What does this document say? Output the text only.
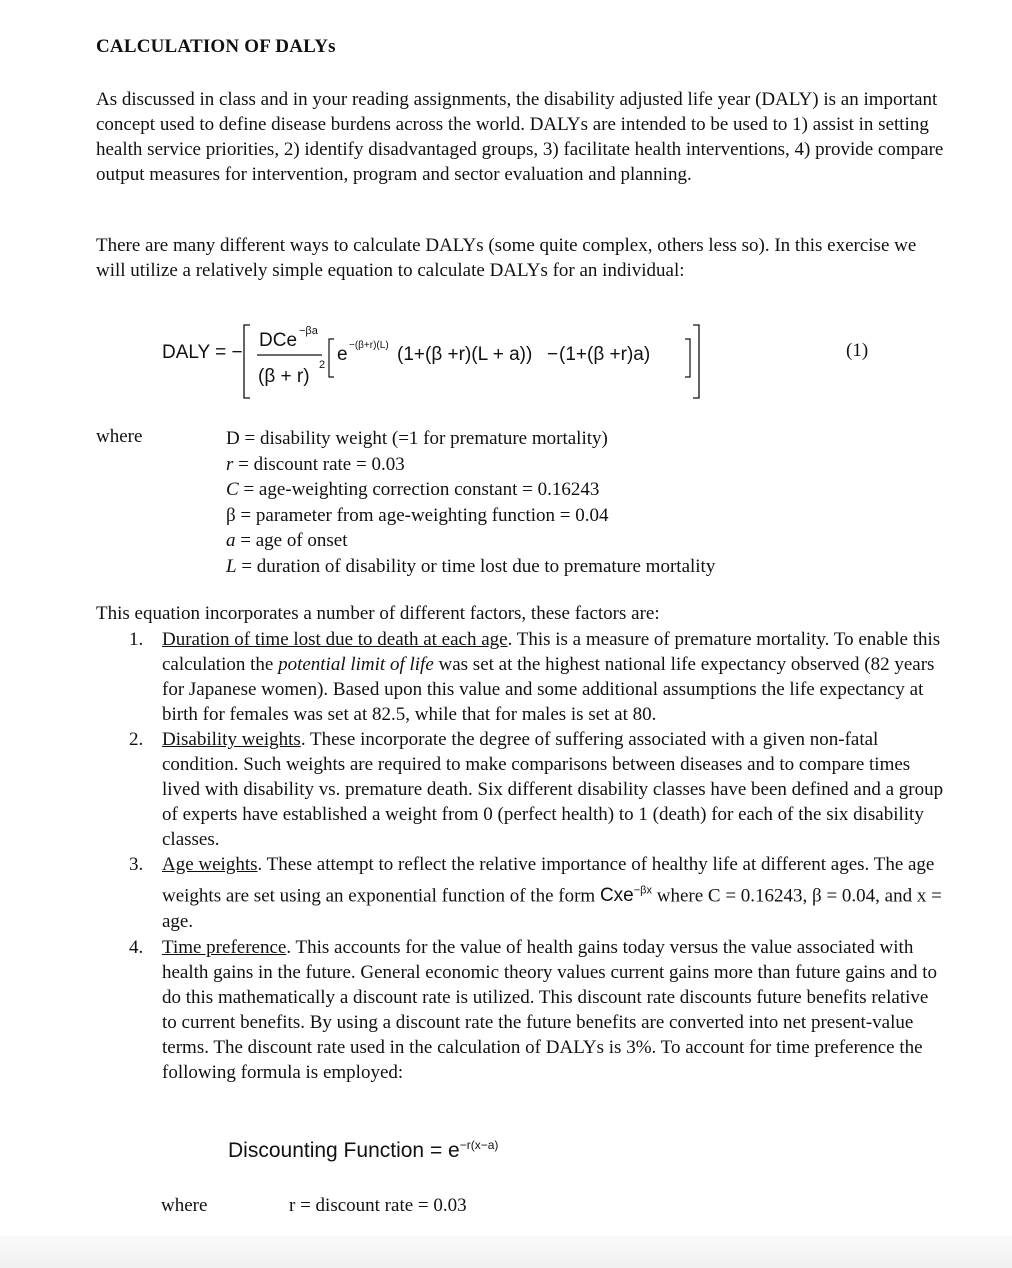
CALCULATION OF DALYs
As discussed in class and in your reading assignments, the disability adjusted life year (DALY) is an important concept used to define disease burdens across the world. DALYs are intended to be used to 1) assist in setting health service priorities, 2) identify disadvantaged groups, 3) facilitate health interventions, 4) provide compare output measures for intervention, program and sector evaluation and planning.
There are many different ways to calculate DALYs (some quite complex, others less so). In this exercise we will utilize a relatively simple equation to calculate DALYs for an individual:
DALY = −
DCe −βa
(β + r)
2 e −(β+r)(L) (1+(β +r)(L + a)) − (1+(β +r)a)	(1)
where	D = disability weight (=1 for premature mortality)
r = discount rate = 0.03
C = age-weighting correction constant = 0.16243
β = parameter from age-weighting function = 0.04
a = age of onset
L = duration of disability or time lost due to premature mortality
This equation incorporates a number of different factors, these factors are:
1. Duration of time lost due to death at each age. This is a measure of premature mortality. To enable this calculation the potential limit of life was set at the highest national life expectancy observed (82 years for Japanese women). Based upon this value and some additional assumptions the life expectancy at birth for females was set at 82.5, while that for males is set at 80.
2. Disability weights. These incorporate the degree of suffering associated with a given non-fatal condition. Such weights are required to make comparisons between diseases and to compare times lived with disability vs. premature death. Six different disability classes have been defined and a group of experts have established a weight from 0 (perfect health) to 1 (death) for each of the six disability classes.
3. Age weights. These attempt to reflect the relative importance of healthy life at different ages. The age weights are set using an exponential function of the form Cxe$^{-\beta x}$ where C = 0.16243, β = 0.04, and x = age.
4. Time preference. This accounts for the value of health gains today versus the value associated with health gains in the future. General economic theory values current gains more than future gains and to do this mathematically a discount rate is utilized. This discount rate discounts future benefits relative to current benefits. By using a discount rate the future benefits are converted into net present-value terms. The discount rate used in the calculation of DALYs is 3%. To account for time preference the following formula is employed:
Discounting Function = $e^{-r(x-a)}$
where	r = discount rate = 0.03
